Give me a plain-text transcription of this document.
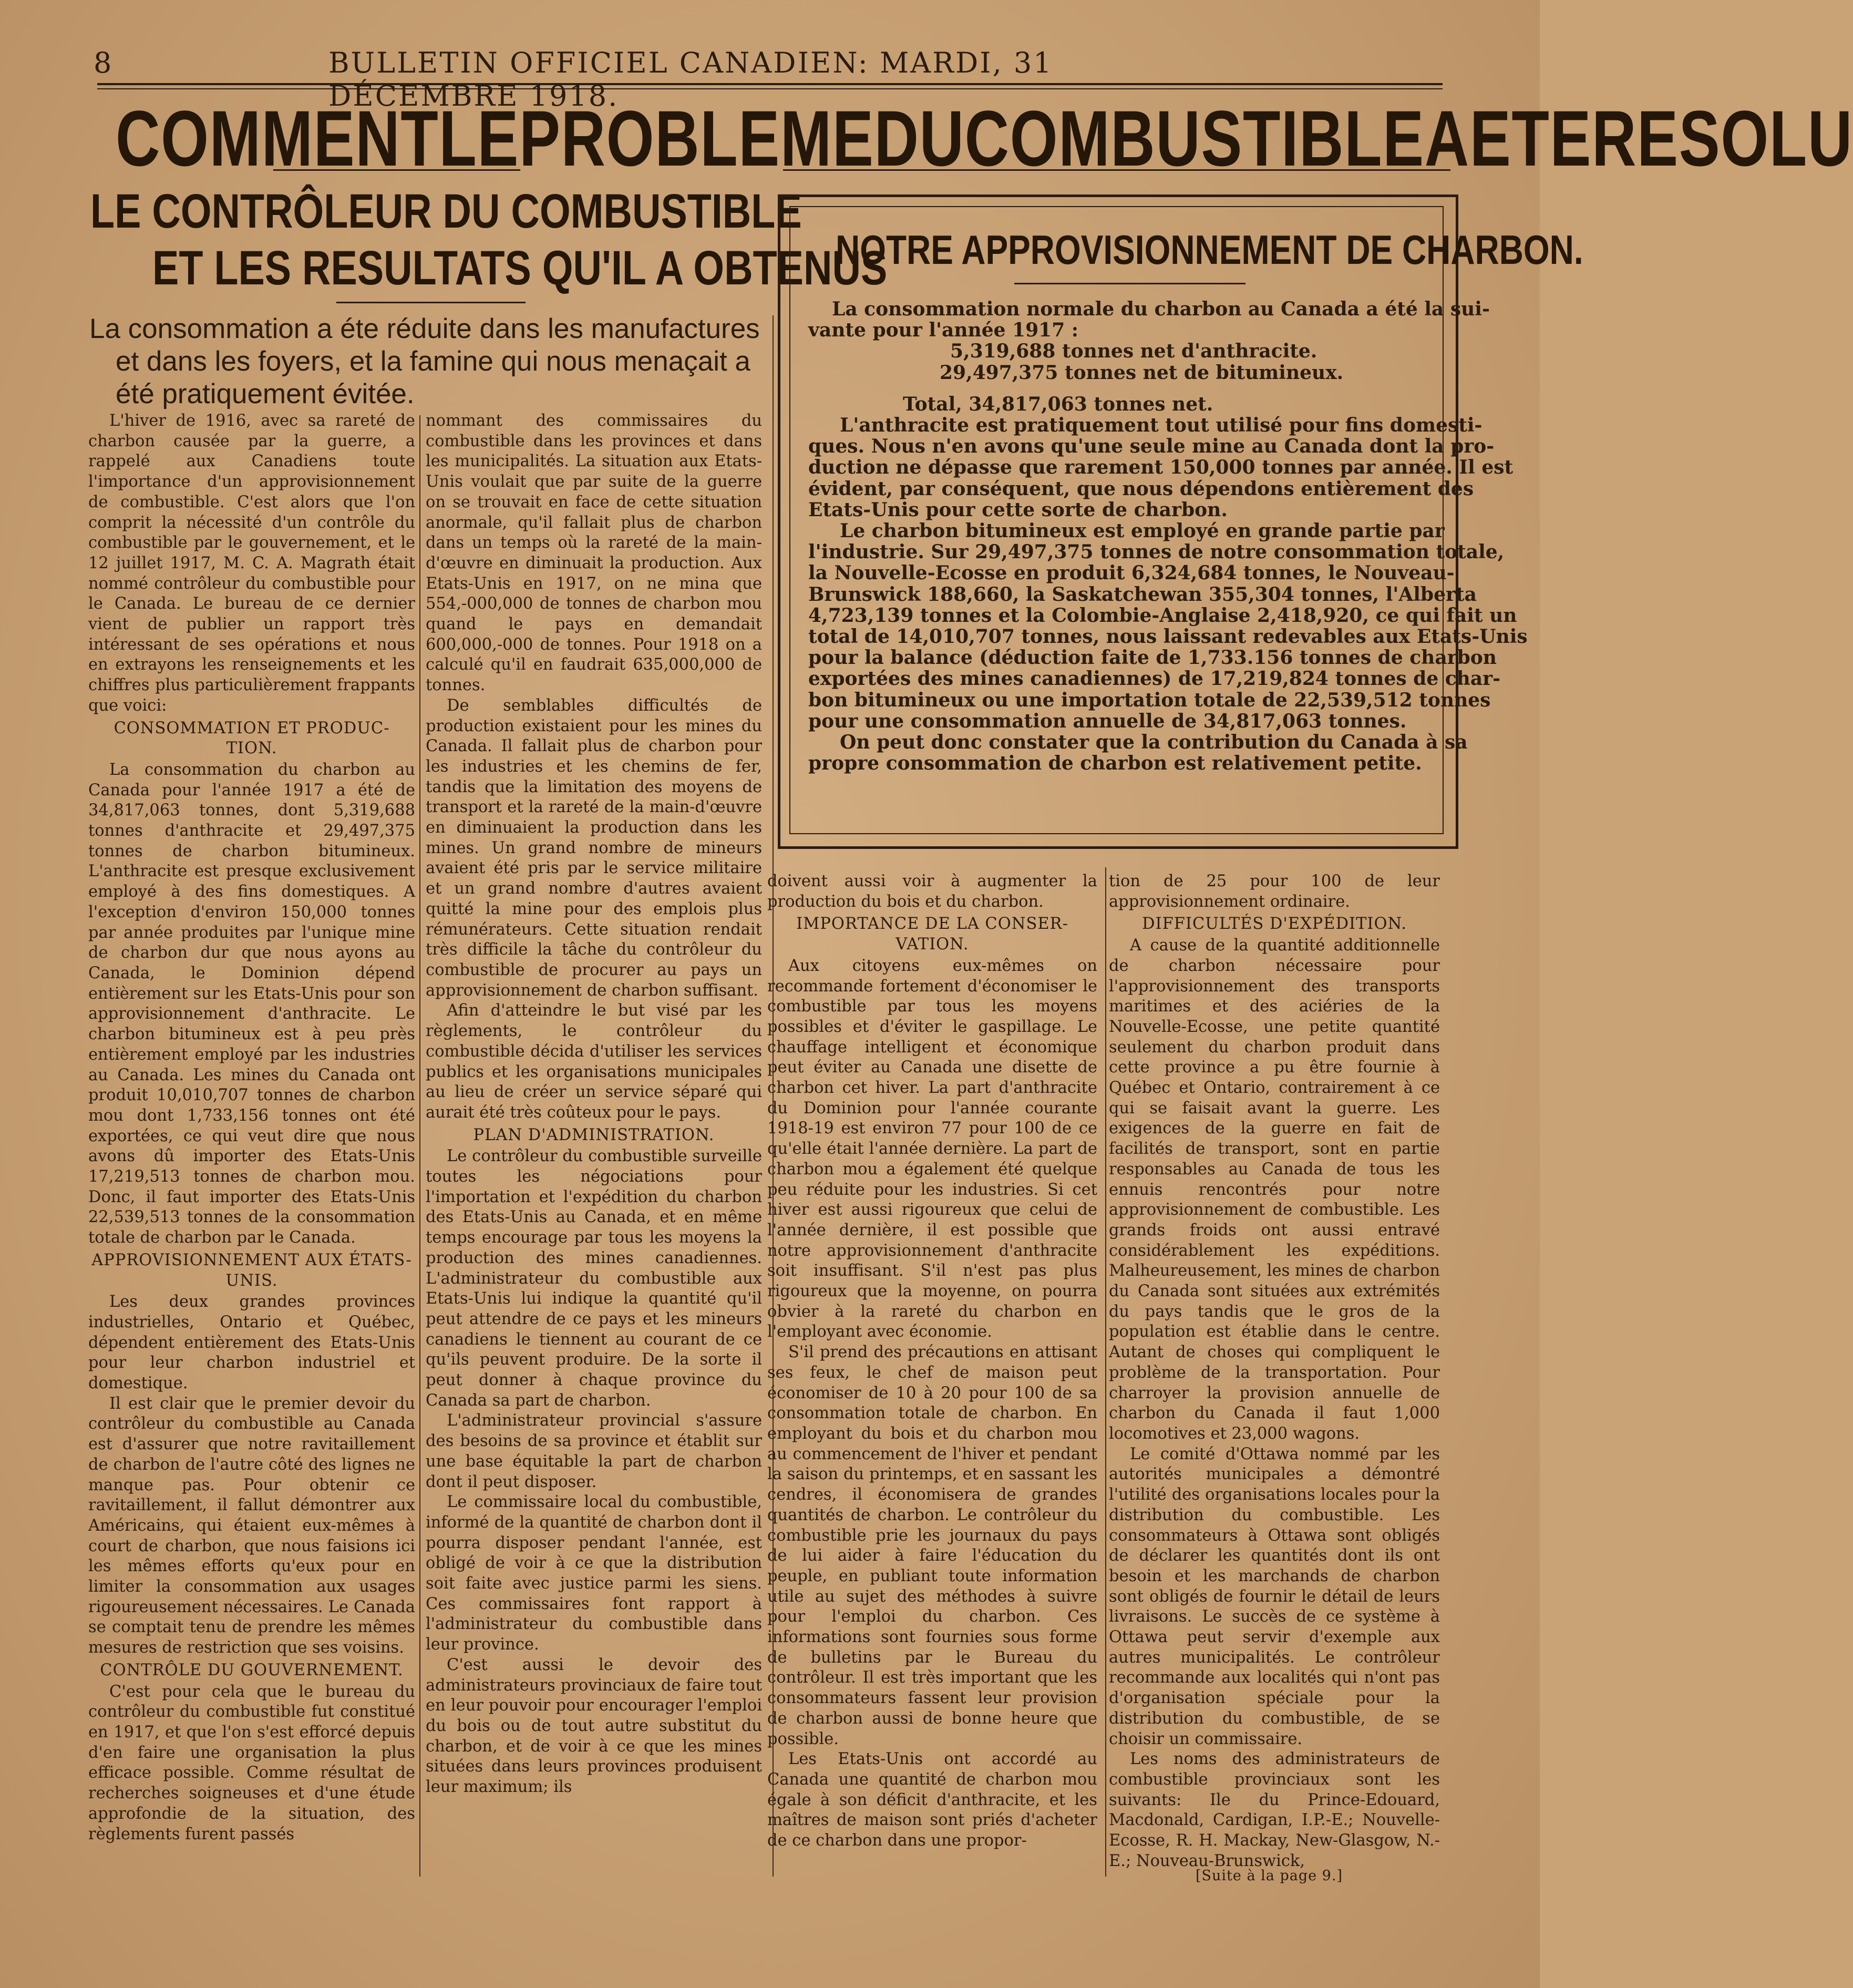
8	BULLETIN OFFICIEL CANADIEN: MARDI, 31 DÉCEMBRE 1918.
COMMENT LE PROBLEME DU COMBUSTIBLE A ETE RESOLU
LE CONTRÔLEUR DU COMBUSTIBLE
ET LES RESULTATS QU'IL A OBTENUS
La consommation a éte réduite dans les manufactures
et dans les foyers, et la famine qui nous menaçait a
été pratiquement évitée.
NOTRE APPROVISIONNEMENT DE CHARBON.
La consommation normale du charbon au Canada a été la sui-
vante pour l'année 1917 :
5,319,688 tonnes net d'anthracite.
29,497,375 tonnes net de bitumineux.
Total, 34,817,063 tonnes net.
L'anthracite est pratiquement tout utilisé pour fins domesti-
ques. Nous n'en avons qu'une seule mine au Canada dont la pro-
duction ne dépasse que rarement 150,000 tonnes par année. Il est
évident, par conséquent, que nous dépendons entièrement des
Etats-Unis pour cette sorte de charbon.
Le charbon bitumineux est employé en grande partie par
l'industrie. Sur 29,497,375 tonnes de notre consommation totale,
la Nouvelle-Ecosse en produit 6,324,684 tonnes, le Nouveau-
Brunswick 188,660, la Saskatchewan 355,304 tonnes, l'Alberta
4,723,139 tonnes et la Colombie-Anglaise 2,418,920, ce qui fait un
total de 14,010,707 tonnes, nous laissant redevables aux Etats-Unis
pour la balance (déduction faite de 1,733.156 tonnes de charbon
exportées des mines canadiennes) de 17,219,824 tonnes de char-
bon bitumineux ou une importation totale de 22,539,512 tonnes
pour une consommation annuelle de 34,817,063 tonnes.
On peut donc constater que la contribution du Canada à sa
propre consommation de charbon est relativement petite.

L'hiver de 1916, avec sa rareté de charbon causée par la guerre, a rappelé aux Canadiens toute l'importance d'un approvisionnement de combustible. C'est alors que l'on comprit la nécessité d'un contrôle du combustible par le gouvernement, et le 12 juillet 1917, M. C. A. Magrath était nommé contrôleur du combustible pour le Canada. Le bureau de ce dernier vient de publier un rapport très intéressant de ses opérations et nous en extrayons les renseignements et les chiffres plus particulièrement frappants que voici:

CONSOMMATION ET PRODUC- TION.

La consommation du charbon au Canada pour l'année 1917 a été de 34,817,063 tonnes, dont 5,319,688 tonnes d'anthracite et 29,497,375 tonnes de charbon bitumineux. L'anthracite est presque exclusivement employé à des fins domestiques. A l'exception d'environ 150,000 tonnes par année produites par l'unique mine de charbon dur que nous ayons au Canada, le Dominion dépend entièrement sur les Etats-Unis pour son approvisionnement d'anthracite. Le charbon bitumineux est à peu près entièrement employé par les industries au Canada. Les mines du Canada ont produit 10,010,707 tonnes de charbon mou dont 1,733,156 tonnes ont été exportées, ce qui veut dire que nous avons dû importer des Etats-Unis 17,219,513 tonnes de charbon mou. Donc, il faut importer des Etats-Unis 22,539,513 tonnes de la consommation totale de charbon par le Canada.

APPROVISIONNEMENT AUX ÉTATS-UNIS.

Les deux grandes provinces industrielles, Ontario et Québec, dépendent entièrement des Etats-Unis pour leur charbon industriel et domestique.

Il est clair que le premier devoir du contrôleur du combustible au Canada est d'assurer que notre ravitaillement de charbon de l'autre côté des lignes ne manque pas. Pour obtenir ce ravitaillement, il fallut démontrer aux Américains, qui étaient eux-mêmes à court de charbon, que nous faisions ici les mêmes efforts qu'eux pour en limiter la consommation aux usages rigoureusement nécessaires. Le Canada se comptait tenu de prendre les mêmes mesures de restriction que ses voisins.

CONTRÔLE DU GOUVERNEMENT.

C'est pour cela que le bureau du contrôleur du combustible fut constitué en 1917, et que l'on s'est efforcé depuis d'en faire une organisation la plus efficace possible. Comme résultat de recherches soigneuses et d'une étude approfondie de la situation, des règlements furent passés

nommant des commissaires du combustible dans les provinces et dans les municipalités. La situation aux Etats-Unis voulait que par suite de la guerre on se trouvait en face de cette situation anormale, qu'il fallait plus de charbon dans un temps où la rareté de la main-d'œuvre en diminuait la production. Aux Etats-Unis en 1917, on ne mina que 554,-000,000 de tonnes de charbon mou quand le pays en demandait 600,000,-000 de tonnes. Pour 1918 on a calculé qu'il en faudrait 635,000,000 de tonnes.

De semblables difficultés de production existaient pour les mines du Canada. Il fallait plus de charbon pour les industries et les chemins de fer, tandis que la limitation des moyens de transport et la rareté de la main-d'œuvre en diminuaient la production dans les mines. Un grand nombre de mineurs avaient été pris par le service militaire et un grand nombre d'autres avaient quitté la mine pour des emplois plus rémunérateurs. Cette situation rendait très difficile la tâche du contrôleur du combustible de procurer au pays un approvisionnement de charbon suffisant.

Afin d'atteindre le but visé par les règlements, le contrôleur du combustible décida d'utiliser les services publics et les organisations municipales au lieu de créer un service séparé qui aurait été très coûteux pour le pays.

PLAN D'ADMINISTRATION.

Le contrôleur du combustible surveille toutes les négociations pour l'importation et l'expédition du charbon des Etats-Unis au Canada, et en même temps encourage par tous les moyens la production des mines canadiennes. L'administrateur du combustible aux Etats-Unis lui indique la quantité qu'il peut attendre de ce pays et les mineurs canadiens le tiennent au courant de ce qu'ils peuvent produire. De la sorte il peut donner à chaque province du Canada sa part de charbon.

L'administrateur provincial s'assure des besoins de sa province et établit sur une base équitable la part de charbon dont il peut disposer.

Le commissaire local du combustible, informé de la quantité de charbon dont il pourra disposer pendant l'année, est obligé de voir à ce que la distribution soit faite avec justice parmi les siens. Ces commissaires font rapport à l'administrateur du combustible dans leur province.

C'est aussi le devoir des administrateurs provinciaux de faire tout en leur pouvoir pour encourager l'emploi du bois ou de tout autre substitut du charbon, et de voir à ce que les mines situées dans leurs provinces produisent leur maximum; ils

doivent aussi voir à augmenter la production du bois et du charbon.

IMPORTANCE DE LA CONSER- VATION.

Aux citoyens eux-mêmes on recommande fortement d'économiser le combustible par tous les moyens possibles et d'éviter le gaspillage. Le chauffage intelligent et économique peut éviter au Canada une disette de charbon cet hiver. La part d'anthracite du Dominion pour l'année courante 1918-19 est environ 77 pour 100 de ce qu'elle était l'année dernière. La part de charbon mou a également été quelque peu réduite pour les industries. Si cet hiver est aussi rigoureux que celui de l'année dernière, il est possible que notre approvisionnement d'anthracite soit insuffisant. S'il n'est pas plus rigoureux que la moyenne, on pourra obvier à la rareté du charbon en l'employant avec économie.

S'il prend des précautions en attisant ses feux, le chef de maison peut économiser de 10 à 20 pour 100 de sa consommation totale de charbon. En employant du bois et du charbon mou au commencement de l'hiver et pendant la saison du printemps, et en sassant les cendres, il économisera de grandes quantités de charbon. Le contrôleur du combustible prie les journaux du pays de lui aider à faire l'éducation du peuple, en publiant toute information utile au sujet des méthodes à suivre pour l'emploi du charbon. Ces informations sont fournies sous forme de bulletins par le Bureau du contrôleur. Il est très important que les consommateurs fassent leur provision de charbon aussi de bonne heure que possible.

Les Etats-Unis ont accordé au Canada une quantité de charbon mou égale à son déficit d'anthracite, et les maîtres de maison sont priés d'acheter de ce charbon dans une propor-

tion de 25 pour 100 de leur approvisionnement ordinaire.

DIFFICULTÉS D'EXPÉDITION.

A cause de la quantité additionnelle de charbon nécessaire pour l'approvisionnement des transports maritimes et des aciéries de la Nouvelle-Ecosse, une petite quantité seulement du charbon produit dans cette province a pu être fournie à Québec et Ontario, contrairement à ce qui se faisait avant la guerre. Les exigences de la guerre en fait de facilités de transport, sont en partie responsables au Canada de tous les ennuis rencontrés pour notre approvisionnement de combustible. Les grands froids ont aussi entravé considérablement les expéditions. Malheureusement, les mines de charbon du Canada sont situées aux extrémités du pays tandis que le gros de la population est établie dans le centre. Autant de choses qui compliquent le problème de la transportation. Pour charroyer la provision annuelle de charbon du Canada il faut 1,000 locomotives et 23,000 wagons.

Le comité d'Ottawa nommé par les autorités municipales a démontré l'utilité des organisations locales pour la distribution du combustible. Les consommateurs à Ottawa sont obligés de déclarer les quantités dont ils ont besoin et les marchands de charbon sont obligés de fournir le détail de leurs livraisons. Le succès de ce système à Ottawa peut servir d'exemple aux autres municipalités. Le contrôleur recommande aux localités qui n'ont pas d'organisation spéciale pour la distribution du combustible, de se choisir un commissaire.

Les noms des administrateurs de combustible provinciaux sont les suivants: Ile du Prince-Edouard, Macdonald, Cardigan, I.P.-E.; Nouvelle-Ecosse, R. H. Mackay, New-Glasgow, N.-E.; Nouveau-Brunswick,

[Suite à la page 9.]
